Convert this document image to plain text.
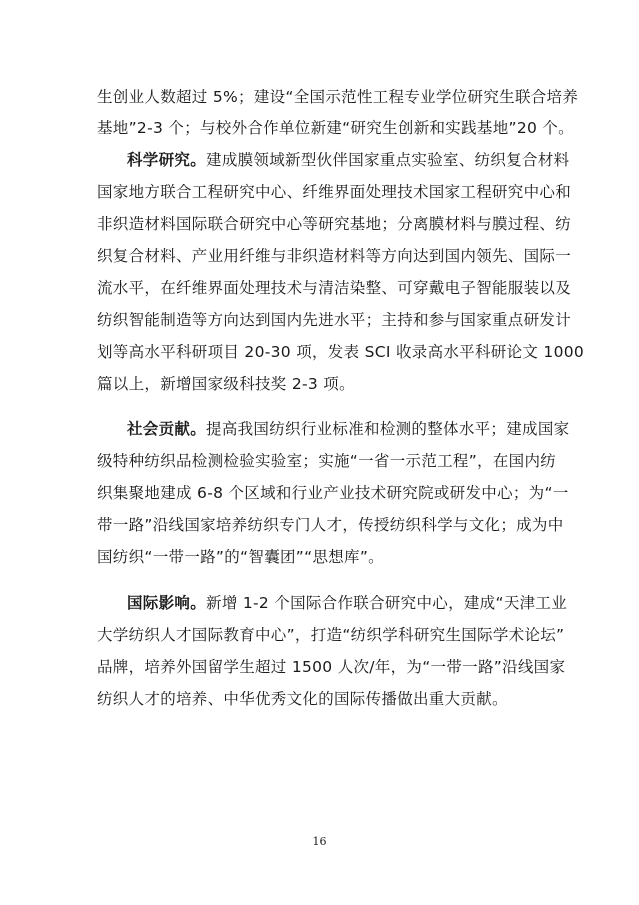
生创业人数超过 5%；建设“全国示范性工程专业学位研究生联合培养
基地”2-3 个；与校外合作单位新建“研究生创新和实践基地”20 个。
科学研究。建成膜领域新型伙伴国家重点实验室、纺织复合材料
国家地方联合工程研究中心、纤维界面处理技术国家工程研究中心和
非织造材料国际联合研究中心等研究基地；分离膜材料与膜过程、纺
织复合材料、产业用纤维与非织造材料等方向达到国内领先、国际一
流水平，在纤维界面处理技术与清洁染整、可穿戴电子智能服装以及
纺织智能制造等方向达到国内先进水平；主持和参与国家重点研发计
划等高水平科研项目 20-30 项，发表 SCI 收录高水平科研论文 1000
篇以上，新增国家级科技奖 2-3 项。
社会贡献。提高我国纺织行业标准和检测的整体水平；建成国家
级特种纺织品检测检验实验室；实施“一省一示范工程”，在国内纺
织集聚地建成 6-8 个区域和行业产业技术研究院或研发中心；为“一
带一路”沿线国家培养纺织专门人才，传授纺织科学与文化；成为中
国纺织“一带一路”的“智囊团”“思想库”。
国际影响。新增 1-2 个国际合作联合研究中心，建成“天津工业
大学纺织人才国际教育中心”，打造“纺织学科研究生国际学术论坛”
品牌，培养外国留学生超过 1500 人次/年，为“一带一路”沿线国家
纺织人才的培养、中华优秀文化的国际传播做出重大贡献。
16
